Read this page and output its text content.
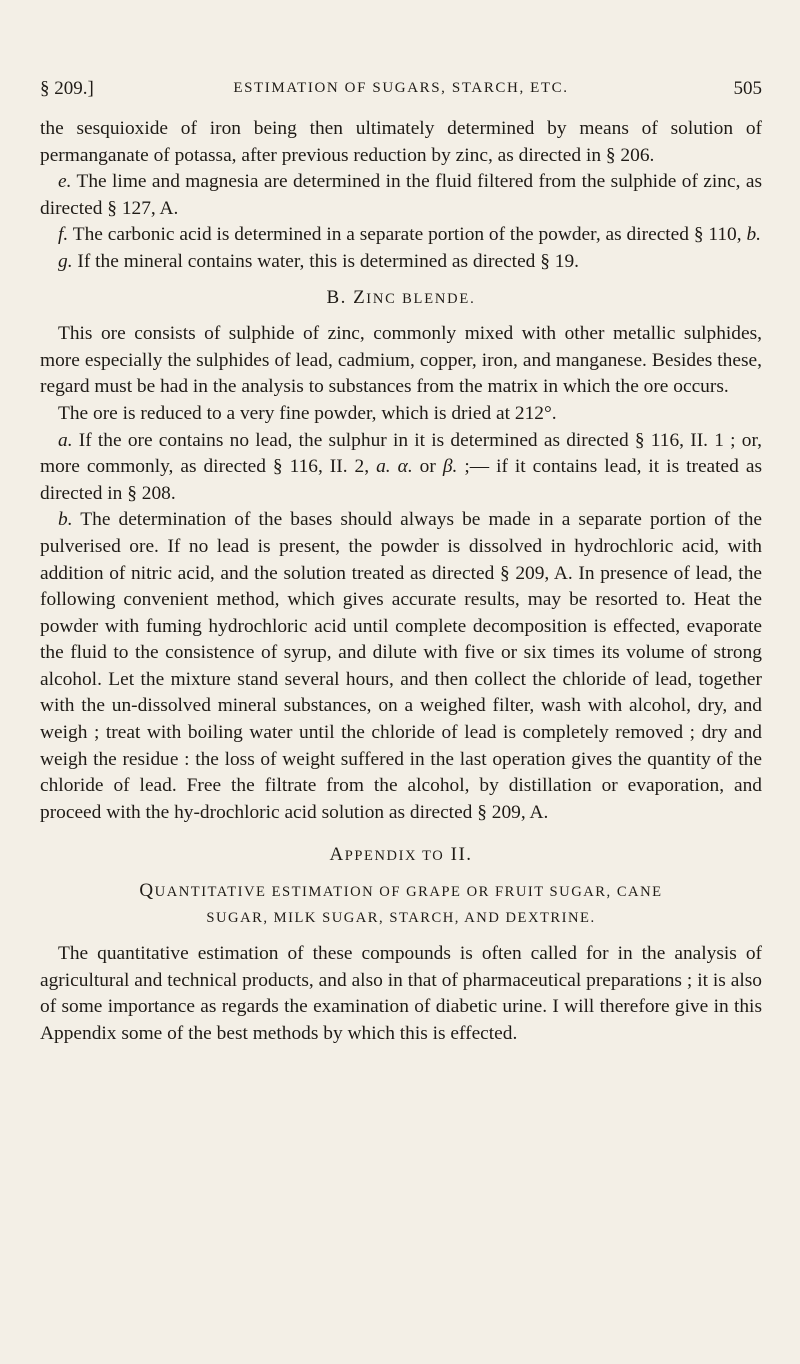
§ 209.]	ESTIMATION OF SUGARS, STARCH, ETC.	505

the sesquioxide of iron being then ultimately determined by means of solution of permanganate of potassa, after previous reduction by zinc, as directed in § 206.

e. The lime and magnesia are determined in the fluid filtered from the sulphide of zinc, as directed § 127, A.

f. The carbonic acid is determined in a separate portion of the powder, as directed § 110, b.

g. If the mineral contains water, this is determined as directed § 19.

B. ZINC BLENDE.

This ore consists of sulphide of zinc, commonly mixed with other metallic sulphides, more especially the sulphides of lead, cadmium, copper, iron, and manganese. Besides these, regard must be had in the analysis to substances from the matrix in which the ore occurs.

The ore is reduced to a very fine powder, which is dried at 212°.

a. If the ore contains no lead, the sulphur in it is determined as directed § 116, II. 1 ; or, more commonly, as directed § 116, II. 2, a. α. or β. ;— if it contains lead, it is treated as directed in § 208.

b. The determination of the bases should always be made in a separate portion of the pulverised ore. If no lead is present, the powder is dissolved in hydrochloric acid, with addition of nitric acid, and the solution treated as directed § 209, A. In presence of lead, the following convenient method, which gives accurate results, may be resorted to. Heat the powder with fuming hydrochloric acid until complete decomposition is effected, evaporate the fluid to the consistence of syrup, and dilute with five or six times its volume of strong alcohol. Let the mixture stand several hours, and then collect the chloride of lead, together with the un-dissolved mineral substances, on a weighed filter, wash with alcohol, dry, and weigh ; treat with boiling water until the chloride of lead is completely removed ; dry and weigh the residue : the loss of weight suffered in the last operation gives the quantity of the chloride of lead. Free the filtrate from the alcohol, by distillation or evaporation, and proceed with the hy-drochloric acid solution as directed § 209, A.

APPENDIX TO II.
QUANTITATIVE ESTIMATION OF GRAPE OR FRUIT SUGAR, CANE
SUGAR, MILK SUGAR, STARCH, AND DEXTRINE.

The quantitative estimation of these compounds is often called for in the analysis of agricultural and technical products, and also in that of pharmaceutical preparations ; it is also of some importance as regards the examination of diabetic urine. I will therefore give in this Appendix some of the best methods by which this is effected.
